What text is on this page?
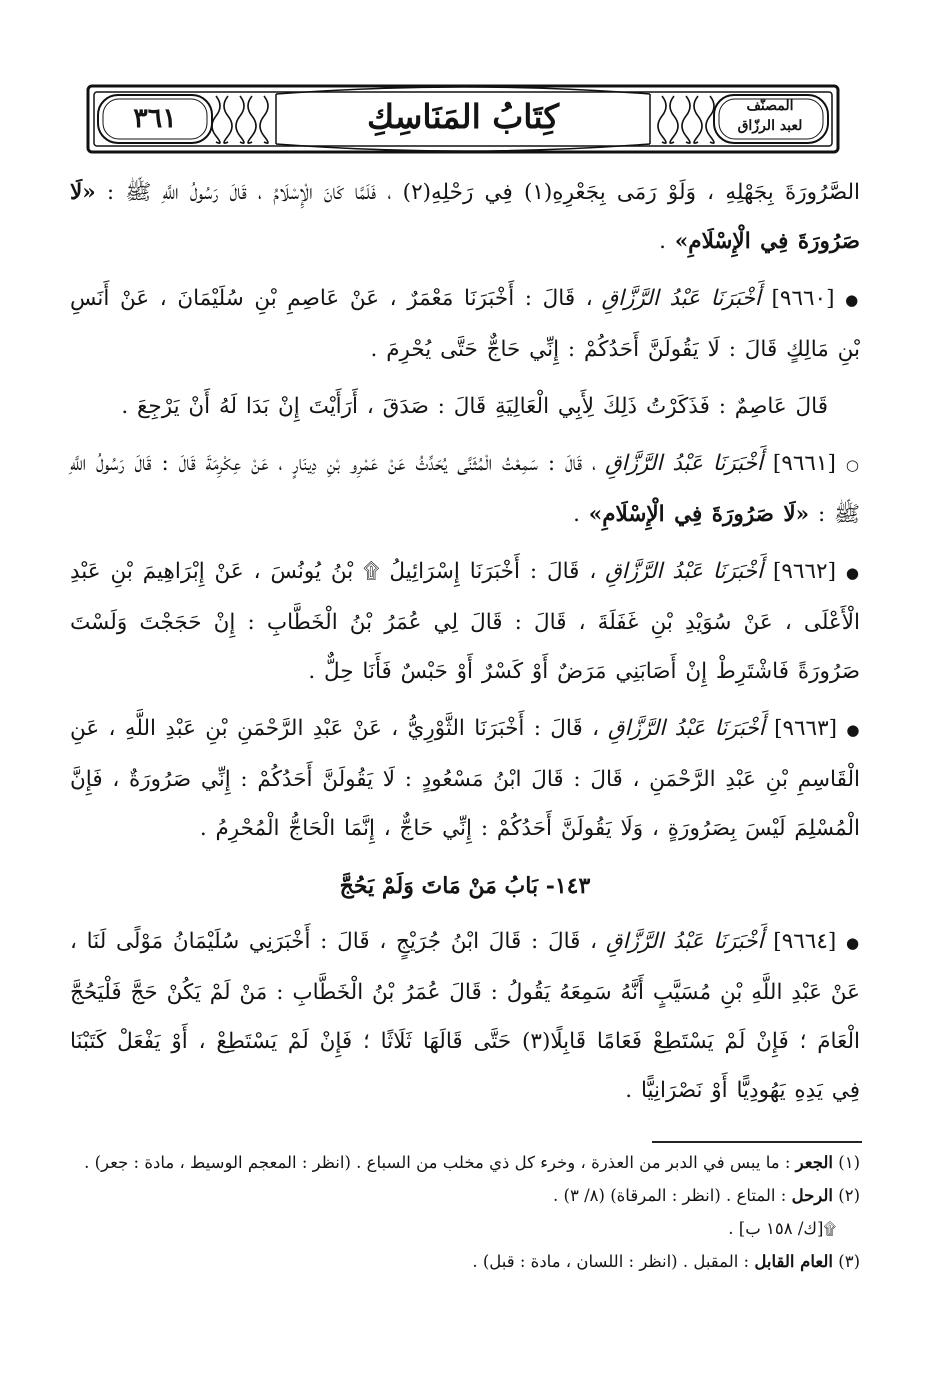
٣٦١	كِتَابُ المَنَاسِكِ	المصنّف
لعبد الرزّاق

الصَّرُورَةَ بِجَهْلِهِ ، وَلَوْ رَمَى بِجَعْرِهِ(١) فِي رَحْلِهِ(٢) ، فَلَمَّا كَانَ الْإِسْلَامُ ، قَالَ رَسُولُ اللَّهِ ﷺ : «لَا صَرُورَةَ فِي الْإِسْلَامِ» .

● [٩٦٦٠] أَخْبَرَنَا عَبْدُ الرَّزَّاقِ ، قَالَ : أَخْبَرَنَا مَعْمَرٌ ، عَنْ عَاصِمِ بْنِ سُلَيْمَانَ ، عَنْ أَنَسِ بْنِ مَالِكٍ قَالَ : لَا يَقُولَنَّ أَحَدُكُمْ : إِنِّي حَاجٌّ حَتَّى يُحْرِمَ .

قَالَ عَاصِمٌ : فَذَكَرْتُ ذَلِكَ لِأَبِي الْعَالِيَةِ قَالَ : صَدَقَ ، أَرَأَيْتَ إِنْ بَدَا لَهُ أَنْ يَرْجِعَ .

○ [٩٦٦١] أَخْبَرَنَا عَبْدُ الرَّزَّاقِ ، قَالَ : سَمِعْتُ الْمُثَنَّى يُحَدِّثُ عَنْ عَمْرِو بْنِ دِينَارٍ ، عَنْ عِكْرِمَةَ قَالَ : قَالَ رَسُولُ اللَّهِ ﷺ : «لَا صَرُورَةَ فِي الْإِسْلَامِ» .

● [٩٦٦٢] أَخْبَرَنَا عَبْدُ الرَّزَّاقِ ، قَالَ : أَخْبَرَنَا إِسْرَائِيلُ ۩ بْنُ يُونُسَ ، عَنْ إِبْرَاهِيمَ بْنِ عَبْدِ الْأَعْلَى ، عَنْ سُوَيْدِ بْنِ غَفَلَةَ ، قَالَ : قَالَ لِي عُمَرُ بْنُ الْخَطَّابِ : إِنْ حَجَجْتَ وَلَسْتَ صَرُورَةً فَاشْتَرِطْ إِنْ أَصَابَنِي مَرَضٌ أَوْ كَسْرٌ أَوْ حَبْسٌ فَأَنَا حِلٌّ .

● [٩٦٦٣] أَخْبَرَنَا عَبْدُ الرَّزَّاقِ ، قَالَ : أَخْبَرَنَا الثَّوْرِيُّ ، عَنْ عَبْدِ الرَّحْمَنِ بْنِ عَبْدِ اللَّهِ ، عَنِ الْقَاسِمِ بْنِ عَبْدِ الرَّحْمَنِ ، قَالَ : قَالَ ابْنُ مَسْعُودٍ : لَا يَقُولَنَّ أَحَدُكُمْ : إِنِّي صَرُورَةٌ ، فَإِنَّ الْمُسْلِمَ لَيْسَ بِصَرُورَةٍ ، وَلَا يَقُولَنَّ أَحَدُكُمْ : إِنِّي حَاجٌّ ، إِنَّمَا الْحَاجُّ الْمُحْرِمُ .

١٤٣- بَابُ مَنْ مَاتَ وَلَمْ يَحُجَّ

● [٩٦٦٤] أَخْبَرَنَا عَبْدُ الرَّزَّاقِ ، قَالَ : قَالَ ابْنُ جُرَيْجٍ ، قَالَ : أَخْبَرَنِي سُلَيْمَانُ مَوْلًى لَنَا ، عَنْ عَبْدِ اللَّهِ بْنِ مُسَيَّبٍ أَنَّهُ سَمِعَهُ يَقُولُ : قَالَ عُمَرُ بْنُ الْخَطَّابِ : مَنْ لَمْ يَكُنْ حَجَّ فَلْيَحُجَّ الْعَامَ ؛ فَإِنْ لَمْ يَسْتَطِعْ فَعَامًا قَابِلًا(٣) حَتَّى قَالَهَا ثَلَاثًا ؛ فَإِنْ لَمْ يَسْتَطِعْ ، أَوْ يَفْعَلْ كَتَبْنَا فِي يَدِهِ يَهُودِيًّا أَوْ نَصْرَانِيًّا .

(١) الجعر : ما يبس في الدبر من العذرة ، وخرء كل ذي مخلب من السباع . (انظر : المعجم الوسيط ، مادة : جعر) .

(٢) الرحل : المتاع . (انظر : المرقاة) (٨/ ٣) .

۩[ك/ ١٥٨ ب] .

(٣) العام القابل : المقبل . (انظر : اللسان ، مادة : قبل) .
